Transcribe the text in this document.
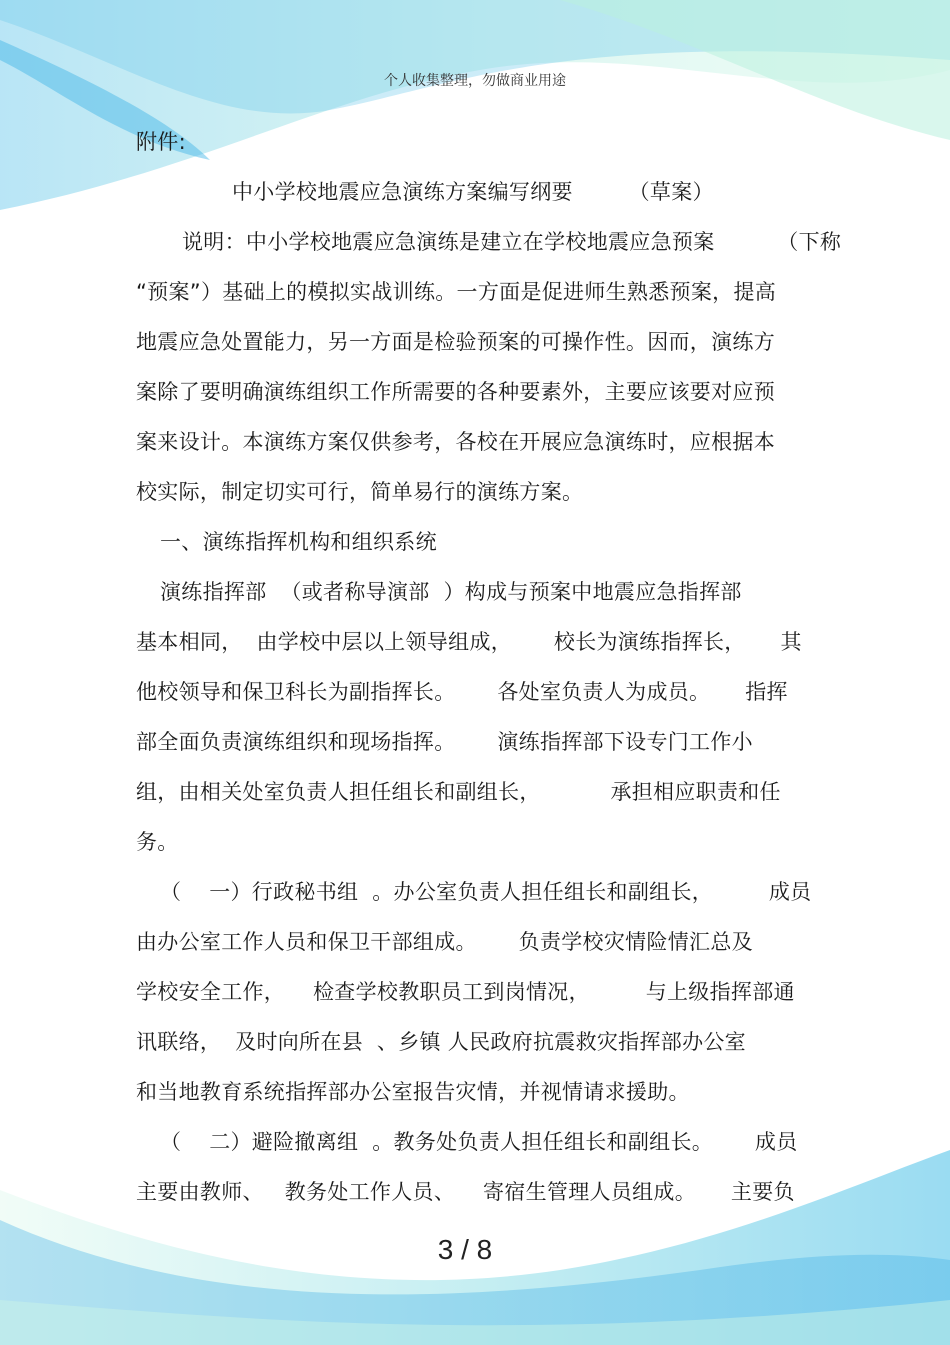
个人收集整理，勿做商业用途
附件:
中小学校地震应急演练方案编写纲要        （草案）
说明：中小学校地震应急演练是建立在学校地震应急预案         （下称
“预案”）基础上的模拟实战训练。一方面是促进师生熟悉预案，提高
地震应急处置能力，另一方面是检验预案的可操作性。因而，演练方
案除了要明确演练组织工作所需要的各种要素外，主要应该要对应预
案来设计。本演练方案仅供参考，各校在开展应急演练时，应根据本
校实际，制定切实可行，简单易行的演练方案。
一、演练指挥机构和组织系统
演练指挥部  （或者称导演部  ）构成与预案中地震应急指挥部
基本相同，  由学校中层以上领导组成，      校长为演练指挥长，     其
他校领导和保卫科长为副指挥长。      各处室负责人为成员。     指挥
部全面负责演练组织和现场指挥。      演练指挥部下设专门工作小
组，由相关处室负责人担任组长和副组长，          承担相应职责和任
务。
（    一）行政秘书组  。办公室负责人担任组长和副组长，        成员
由办公室工作人员和保卫干部组成。      负责学校灾情险情汇总及
学校安全工作，    检查学校教职员工到岗情况，        与上级指挥部通
讯联络，  及时向所在县  、乡镇 人民政府抗震救灾指挥部办公室
和当地教育系统指挥部办公室报告灾情，并视情请求援助。
（    二）避险撤离组  。教务处负责人担任组长和副组长。      成员
主要由教师、   教务处工作人员、    寄宿生管理人员组成。     主要负
3 / 8
